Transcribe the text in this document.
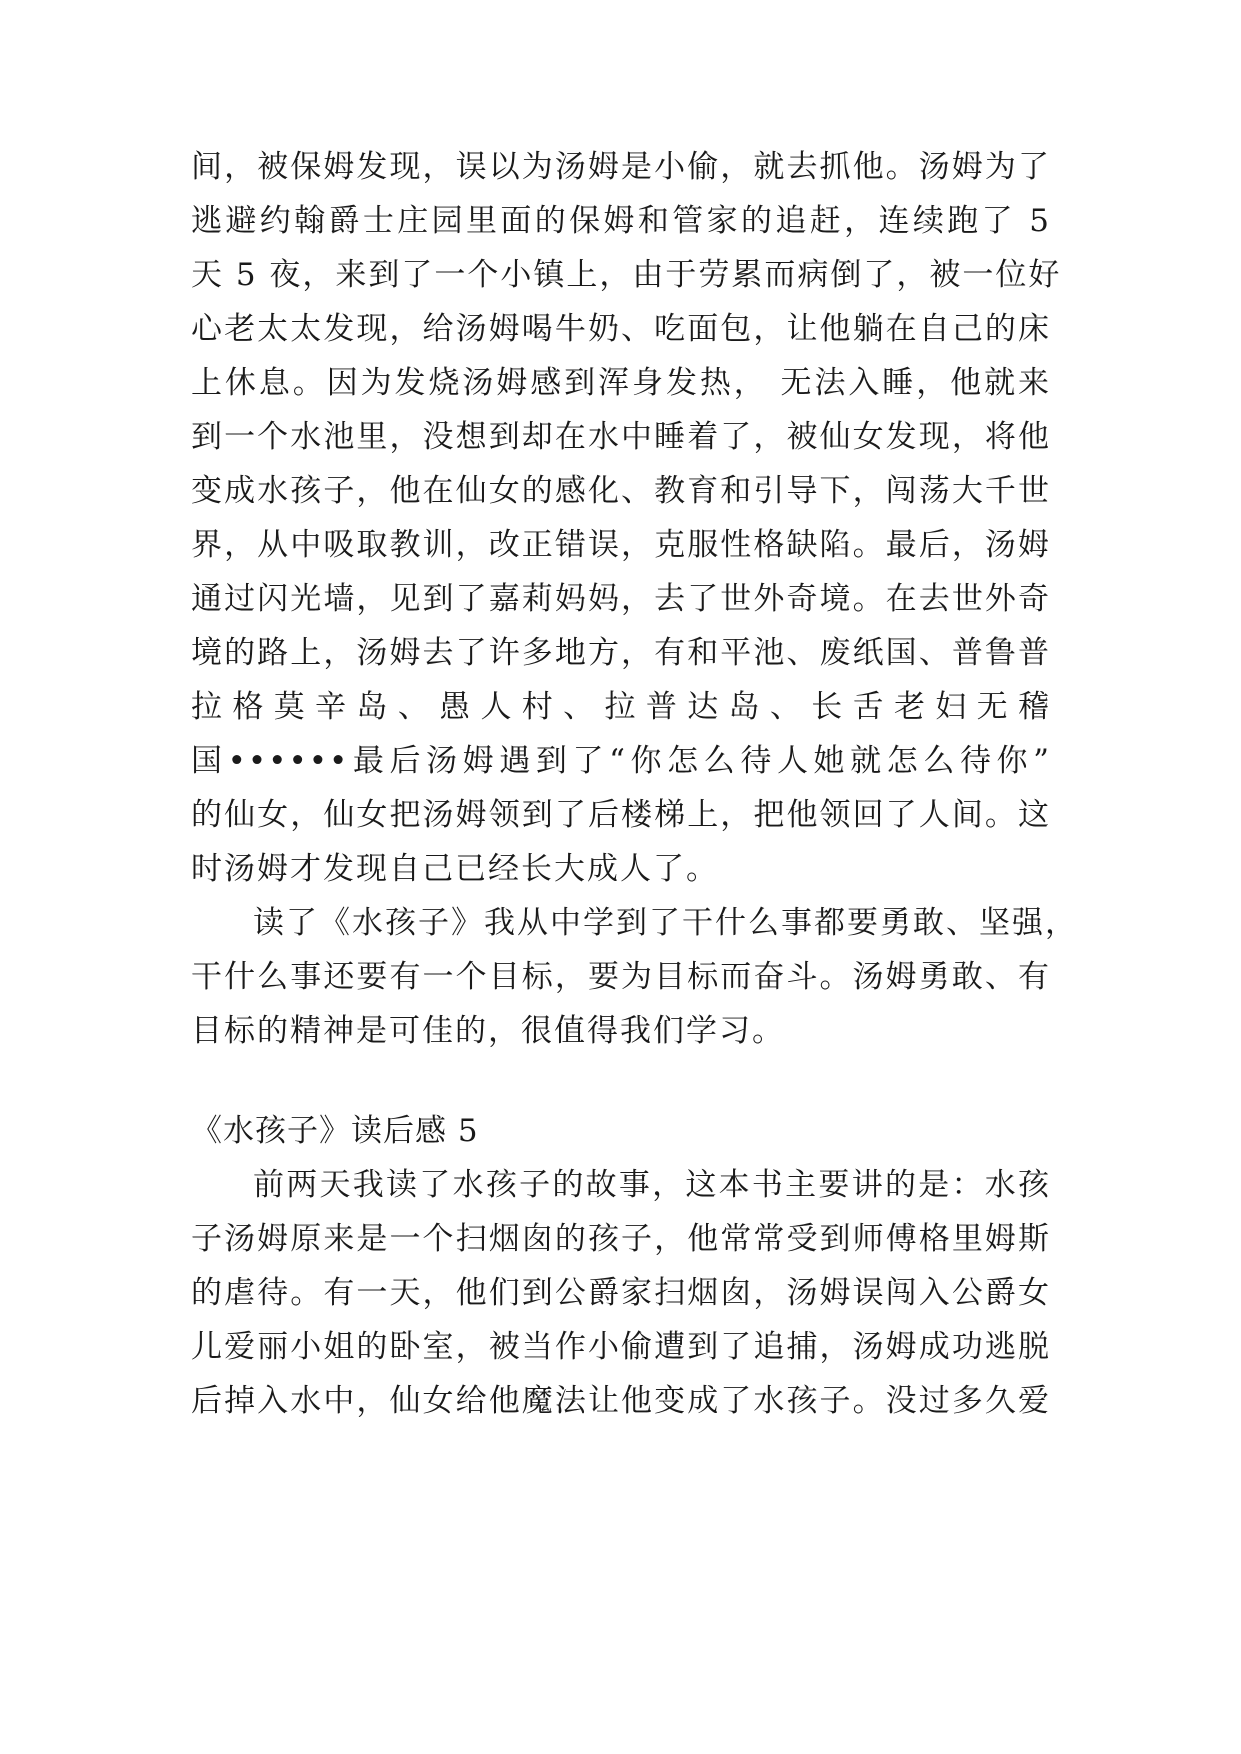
间，被保姆发现，误以为汤姆是小偷，就去抓他。汤姆为了
逃避约翰爵士庄园里面的保姆和管家的追赶，连续跑了 5
天 5 夜，来到了一个小镇上，由于劳累而病倒了，被一位好
心老太太发现，给汤姆喝牛奶、吃面包，让他躺在自己的床
上休息。因为发烧汤姆感到浑身发热， 无法入睡，他就来
到一个水池里，没想到却在水中睡着了，被仙女发现，将他
变成水孩子，他在仙女的感化、教育和引导下，闯荡大千世
界，从中吸取教训，改正错误，克服性格缺陷。最后，汤姆
通过闪光墙，见到了嘉莉妈妈，去了世外奇境。在去世外奇
境的路上，汤姆去了许多地方，有和平池、废纸国、普鲁普
拉格莫辛岛、愚人村、拉普达岛、长舌老妇无稽
国••••••最后汤姆遇到了“你怎么待人她就怎么待你”
的仙女，仙女把汤姆领到了后楼梯上，把他领回了人间。这
时汤姆才发现自己已经长大成人了。
读了《水孩子》我从中学到了干什么事都要勇敢、坚强，
干什么事还要有一个目标，要为目标而奋斗。汤姆勇敢、有
目标的精神是可佳的，很值得我们学习。
《水孩子》读后感 5
前两天我读了水孩子的故事，这本书主要讲的是：水孩
子汤姆原来是一个扫烟囱的孩子，他常常受到师傅格里姆斯
的虐待。有一天，他们到公爵家扫烟囱，汤姆误闯入公爵女
儿爱丽小姐的卧室，被当作小偷遭到了追捕，汤姆成功逃脱
后掉入水中，仙女给他魔法让他变成了水孩子。没过多久爱
